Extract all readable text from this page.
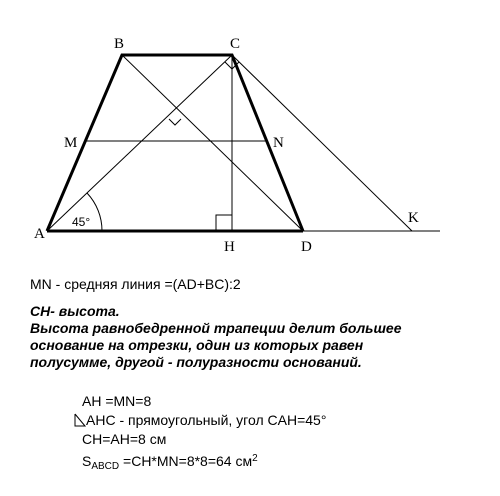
B	C
M	N
A
H	D
K
45°
MN - средняя линия =(AD+BC):2
CH- высота.
Высота равнобедренной трапеции делит большее
основание на отрезки, один из которых равен
полусумме, другой - полуразности оснований.
AH =MN=8
AHC - прямоугольный, угол CAH=45°
CH=AH=8 см
$S_{ABCD} =CH*MN=8*8=64$ $см^2$
